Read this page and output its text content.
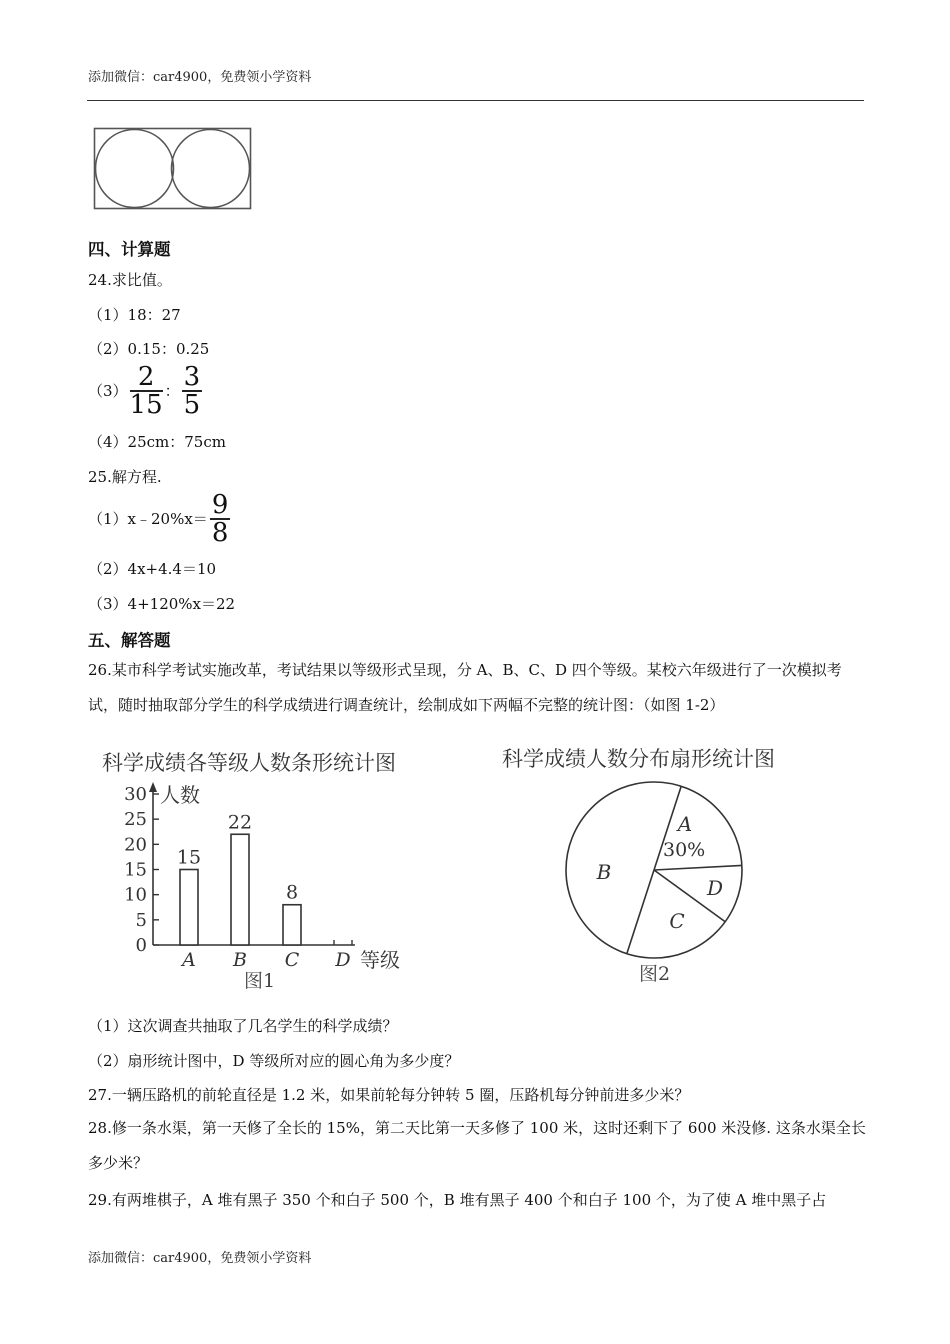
添加微信：car4900，免费领小学资料
四、计算题
24.求比值。
（1）18：27
（2）0.15：0.25
$(3) \frac{2}{15}$ ： $\frac{3}{5}$
（4）25cm：75cm
25.解方程.
（1）x﹣20%x＝ $\frac{9}{8}$
（2）4x+4.4＝10
（3）4+120%x＝22
五、解答题
26.某市科学考试实施改革，考试结果以等级形式呈现，分 A、B、C、D 四个等级。某校六年级进行了一次模拟考试，随时抽取部分学生的科学成绩进行调查统计，绘制成如下两幅不完整的统计图：（如图 1-2）
科学成绩各等级人数条形统计图
人数
等级
图1
0
5
10
15
20
25
30
15
A
22
B
8
C D
科学成绩人数分布扇形统计图
A
B
C
D
30%
图2
（1）这次调查共抽取了几名学生的科学成绩？
（2）扇形统计图中，D 等级所对应的圆心角为多少度？
27.一辆压路机的前轮直径是 1.2 米，如果前轮每分钟转 5 圈，压路机每分钟前进多少米？
28.修一条水渠，第一天修了全长的 15%，第二天比第一天多修了 100 米，这时还剩下了 600 米没修. 这条水渠全长多少米？
29.有两堆棋子，A 堆有黑子 350 个和白子 500 个，B 堆有黑子 400 个和白子 100 个，为了使 A 堆中黑子占
添加微信：car4900，免费领小学资料
